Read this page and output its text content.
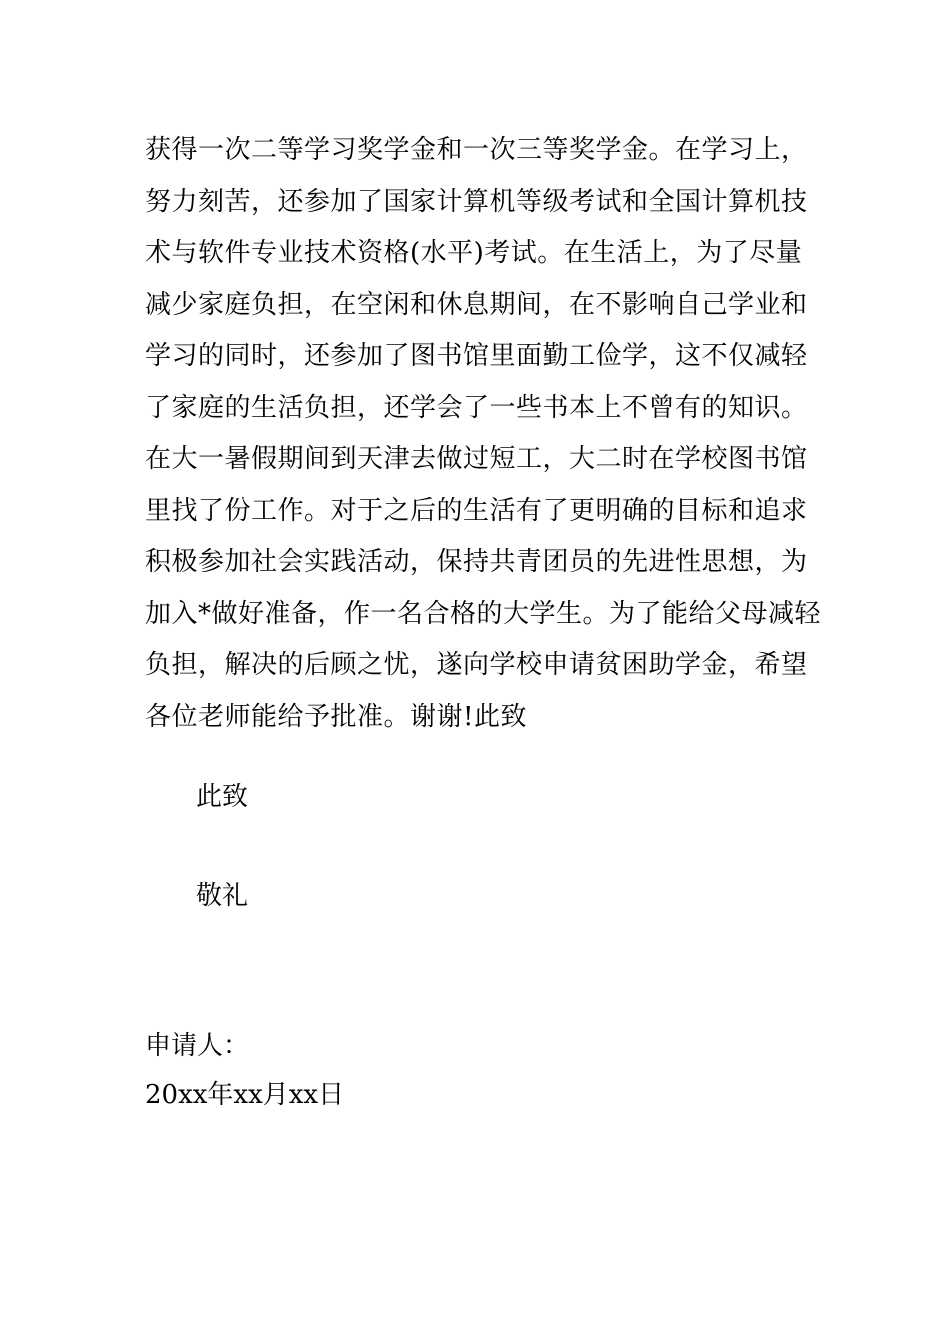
获得一次二等学习奖学金和一次三等奖学金。在学习上，
努力刻苦，还参加了国家计算机等级考试和全国计算机技
术与软件专业技术资格(水平)考试。在生活上，为了尽量
减少家庭负担，在空闲和休息期间，在不影响自己学业和
学习的同时，还参加了图书馆里面勤工俭学，这不仅减轻
了家庭的生活负担，还学会了一些书本上不曾有的知识。
在大一暑假期间到天津去做过短工，大二时在学校图书馆
里找了份工作。对于之后的生活有了更明确的目标和追求
积极参加社会实践活动，保持共青团员的先进性思想，为
加入*做好准备，作一名合格的大学生。为了能给父母减轻
负担，解决的后顾之忧，遂向学校申请贫困助学金，希望
各位老师能给予批准。谢谢!此致

此致

敬礼

申请人：

20xx年xx月xx日
